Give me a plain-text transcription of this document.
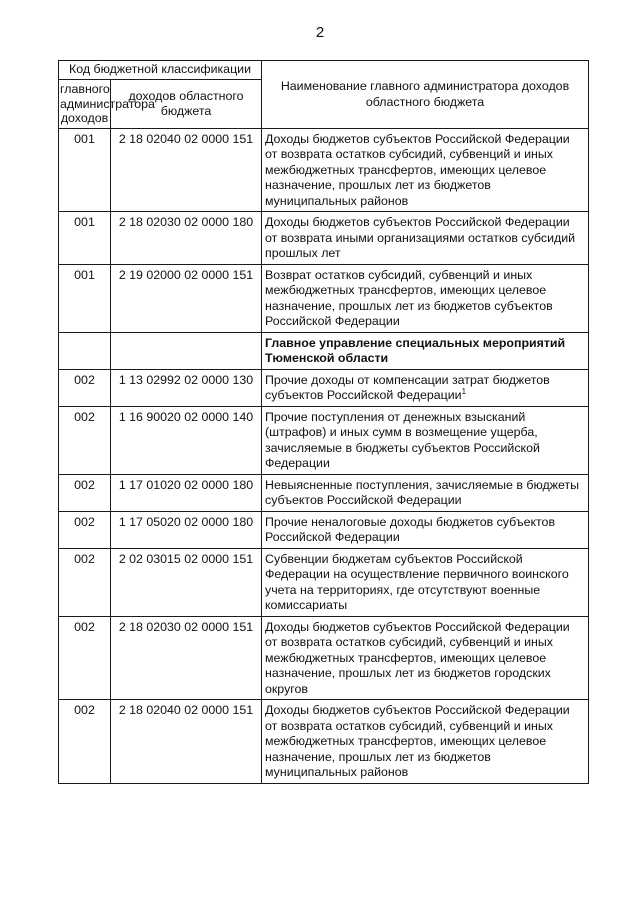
2
Код бюджетной классификации		Наименование главного администратора доходов областного бюджета
главного администратора доходов	доходов областного бюджета	
001	2 18 02040 02 0000 151	Доходы бюджетов субъектов Российской Федерации от возврата остатков субсидий, субвенций и иных межбюджетных трансфертов, имеющих целевое назначение, прошлых лет из бюджетов муниципальных районов
001	2 18 02030 02 0000 180	Доходы бюджетов субъектов Российской Федерации от возврата иными организациями остатков субсидий прошлых лет
001	2 19 02000 02 0000 151	Возврат остатков субсидий, субвенций и иных межбюджетных трансфертов, имеющих целевое назначение, прошлых лет из бюджетов субъектов Российской Федерации
		Главное управление специальных мероприятий Тюменской области
002	1 13 02992 02 0000 130	Прочие доходы от компенсации затрат бюджетов субъектов Российской Федерации$^1$
002	1 16 90020 02 0000 140	Прочие поступления от денежных взысканий (штрафов) и иных сумм в возмещение ущерба, зачисляемые в бюджеты субъектов Российской Федерации
002	1 17 01020 02 0000 180	Невыясненные поступления, зачисляемые в бюджеты субъектов Российской Федерации
002	1 17 05020 02 0000 180	Прочие неналоговые доходы бюджетов субъектов Российской Федерации
002	2 02 03015 02 0000 151	Субвенции бюджетам субъектов Российской Федерации на осуществление первичного воинского учета на территориях, где отсутствуют военные комиссариаты
002	2 18 02030 02 0000 151	Доходы бюджетов субъектов Российской Федерации от возврата остатков субсидий, субвенций и иных межбюджетных трансфертов, имеющих целевое назначение, прошлых лет из бюджетов городских округов
002	2 18 02040 02 0000 151	Доходы бюджетов субъектов Российской Федерации от возврата остатков субсидий, субвенций и иных межбюджетных трансфертов, имеющих целевое назначение, прошлых лет из бюджетов муниципальных районов
